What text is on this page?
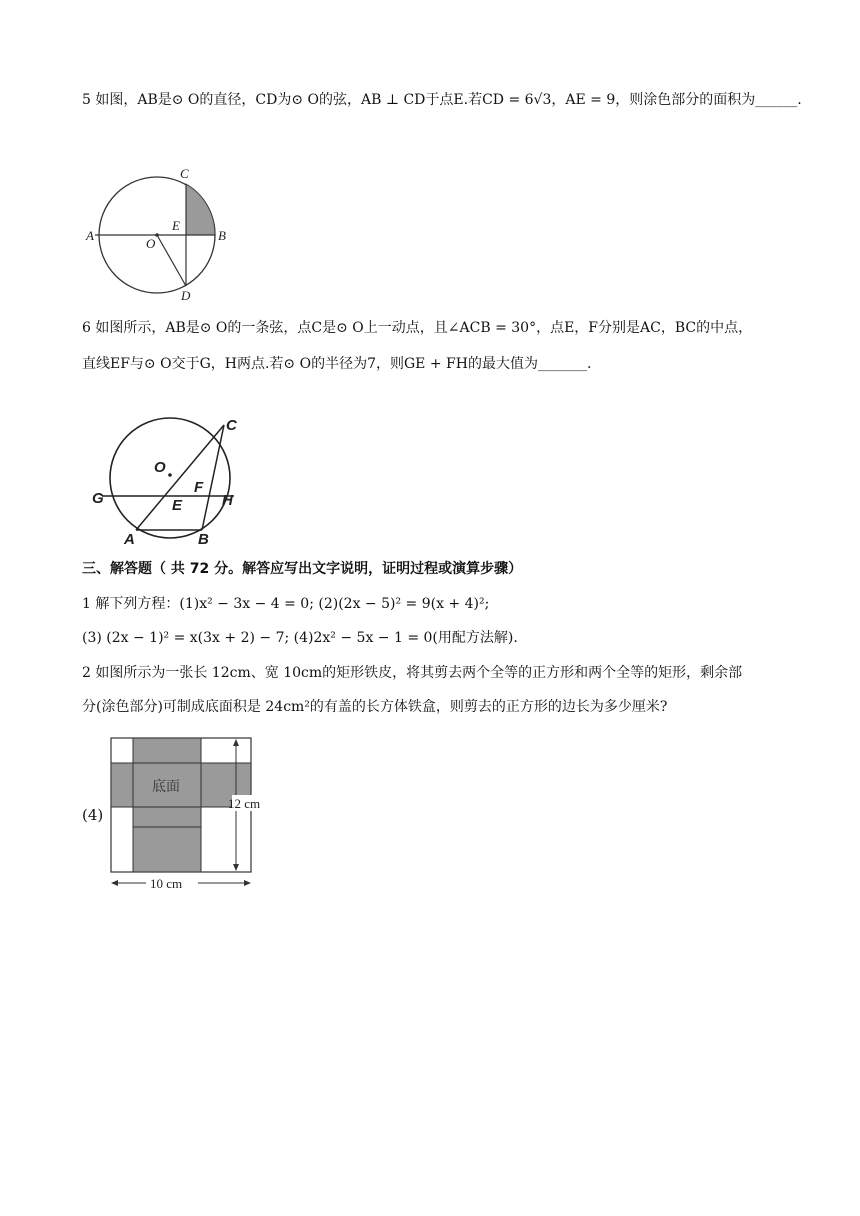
5 如图，AB是⊙ O的直径，CD为⊙ O的弦，AB ⊥ CD于点E.若CD = 6√3，AE = 9，则涂色部分的面积为______.
A	B
C
D
E
O
6 如图所示，AB是⊙ O的一条弦，点C是⊙ O上一动点，且∠ACB = 30°，点E，F分别是AC，BC的中点，
直线EF与⊙ O交于G，H两点.若⊙ O的半径为7，则GE + FH的最大值为_______.
O
C
G	E
F
H
A	B
三、解答题（ 共 72 分。解答应写出文字说明，证明过程或演算步骤）
1 解下列方程：(1)x² − 3x − 4 = 0; (2)(2x − 5)² = 9(x + 4)²;
(3) (2x − 1)² = x(3x + 2) − 7; (4)2x² − 5x − 1 = 0(用配方法解).
2 如图所示为一张长 12cm、宽 10cm的矩形铁皮，将其剪去两个全等的正方形和两个全等的矩形，剩余部
分(涂色部分)可制成底面积是 24cm²的有盖的长方体铁盒，则剪去的正方形的边长为多少厘米?
(4)
底面
12 cm
10 cm
